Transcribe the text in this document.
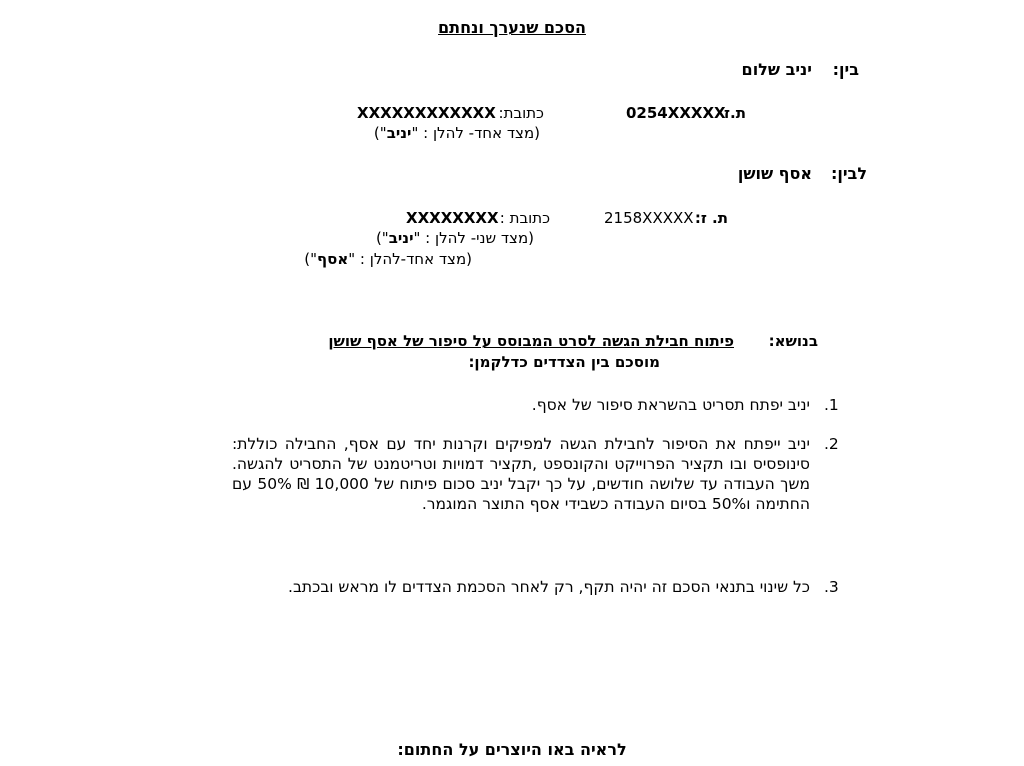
הסכם שנערך ונחתם
בין:
יניב שלום
ת.ז
0254XXXXX
כתובת:
XXXXXXXXXXXX
(מצד אחד- להלן : "יניב")
לבין:
אסף שושן
ת. ז:
2158XXXXX
כתובת :
XXXXXXXX
(מצד שני- להלן : "יניב")
(מצד אחד-להלן : "אסף")
בנושא:
פיתוח חבילת הגשה לסרט המבוסס על סיפור של אסף שושן
מוסכם בין הצדדים כדלקמן:
.1
יניב יפתח תסריט בהשראת סיפור של אסף.
.2
יניב ייפתח את הסיפור לחבילת הגשה למפיקים וקרנות יחד עם אסף, החבילה כוללת: סינופסיס ובו תקציר הפרוייקט והקונספט ,תקציר דמויות וטריטמנט של התסריט להגשה. משך העבודה עד שלושה חודשים, על כך יקבל יניב סכום פיתוח של 10,000 ₪ 50% עם החתימה ו50% בסיום העבודה כשבידי אסף התוצר המוגמר.
.3
כל שינוי בתנאי הסכם זה יהיה תקף, רק לאחר הסכמת הצדדים לו מראש ובכתב.
לראיה באו היוצרים על החתום:
